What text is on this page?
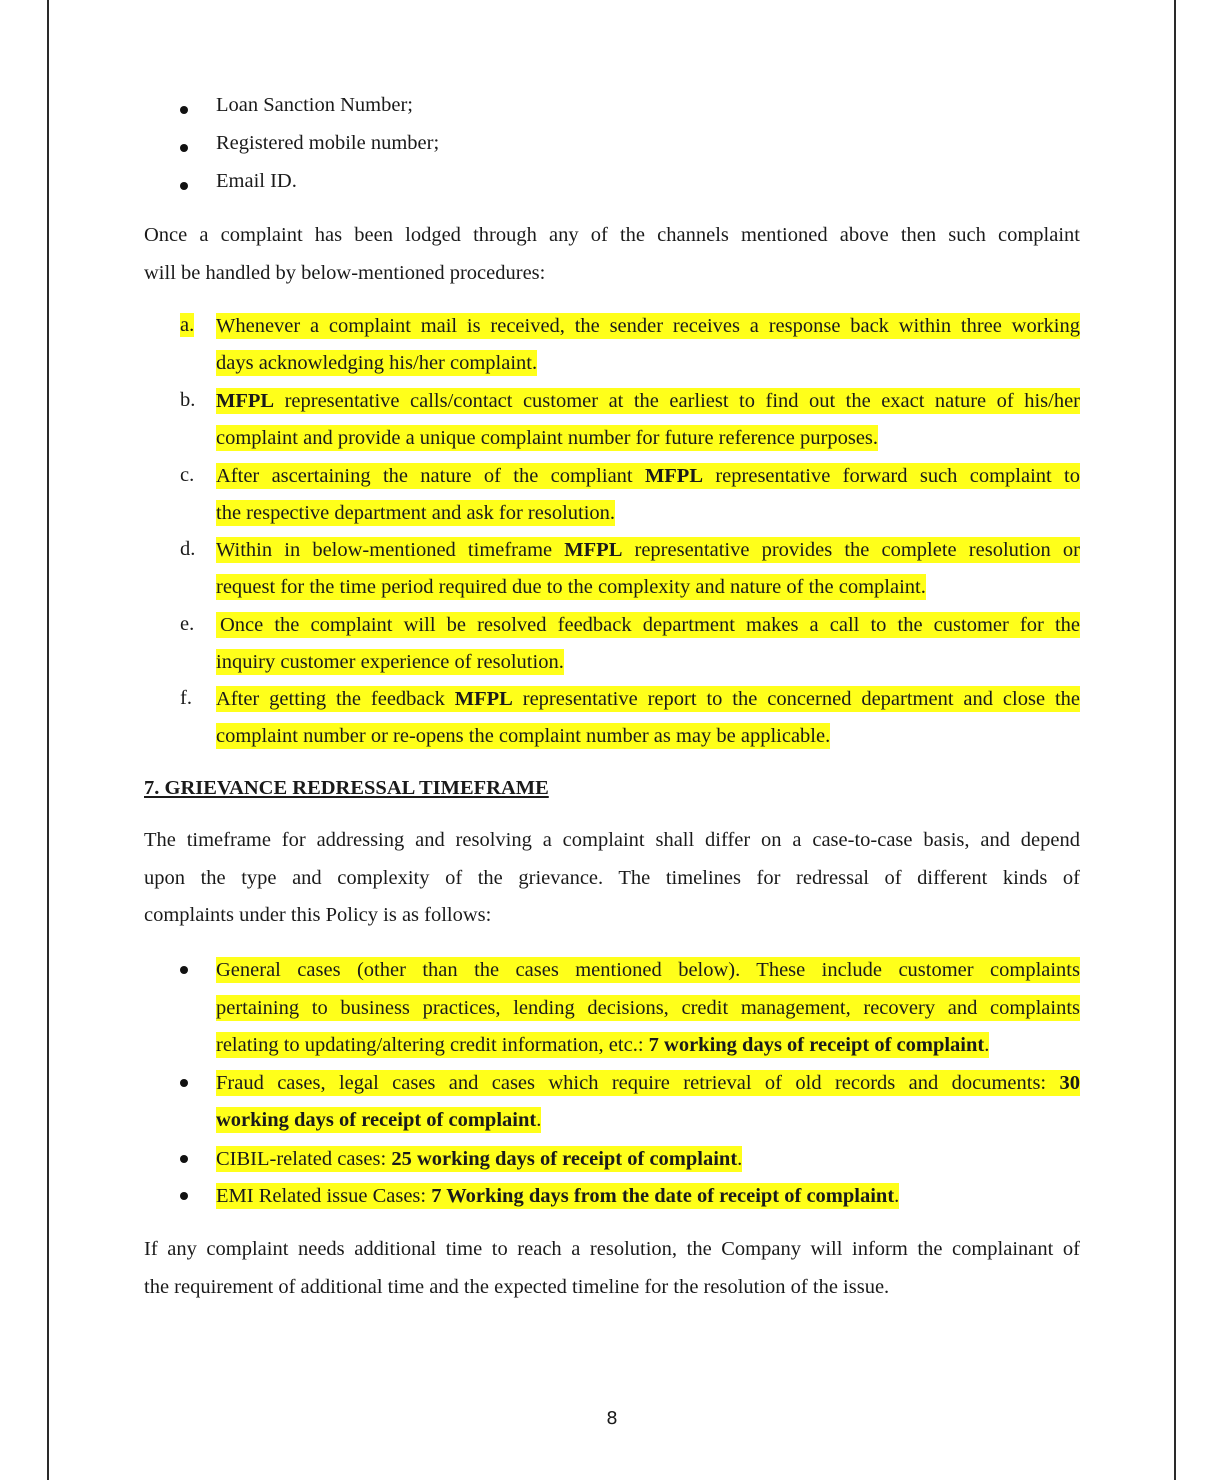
Loan Sanction Number;
Registered mobile number;
Email ID.
Once a complaint has been lodged through any of the channels mentioned above then such complaint
will be handled by below-mentioned procedures:
a. Whenever a complaint mail is received, the sender receives a response back within three working
days acknowledging his/her complaint.
b. MFPL representative calls/contact customer at the earliest to find out the exact nature of his/her
complaint and provide a unique complaint number for future reference purposes.
c. After ascertaining the nature of the compliant MFPL representative forward such complaint to
the respective department and ask for resolution.
d. Within in below-mentioned timeframe MFPL representative provides the complete resolution or
request for the time period required due to the complexity and nature of the complaint.
e. Once the complaint will be resolved feedback department makes a call to the customer for the
inquiry customer experience of resolution.
f. After getting the feedback MFPL representative report to the concerned department and close the
complaint number or re-opens the complaint number as may be applicable.
7. GRIEVANCE REDRESSAL TIMEFRAME
The timeframe for addressing and resolving a complaint shall differ on a case-to-case basis, and depend
upon the type and complexity of the grievance. The timelines for redressal of different kinds of
complaints under this Policy is as follows:
General cases (other than the cases mentioned below). These include customer complaints
pertaining to business practices, lending decisions, credit management, recovery and complaints
relating to updating/altering credit information, etc.: 7 working days of receipt of complaint.
Fraud cases, legal cases and cases which require retrieval of old records and documents: 30
working days of receipt of complaint.
CIBIL-related cases: 25 working days of receipt of complaint.
EMI Related issue Cases: 7 Working days from the date of receipt of complaint.
If any complaint needs additional time to reach a resolution, the Company will inform the complainant of
the requirement of additional time and the expected timeline for the resolution of the issue.
8
